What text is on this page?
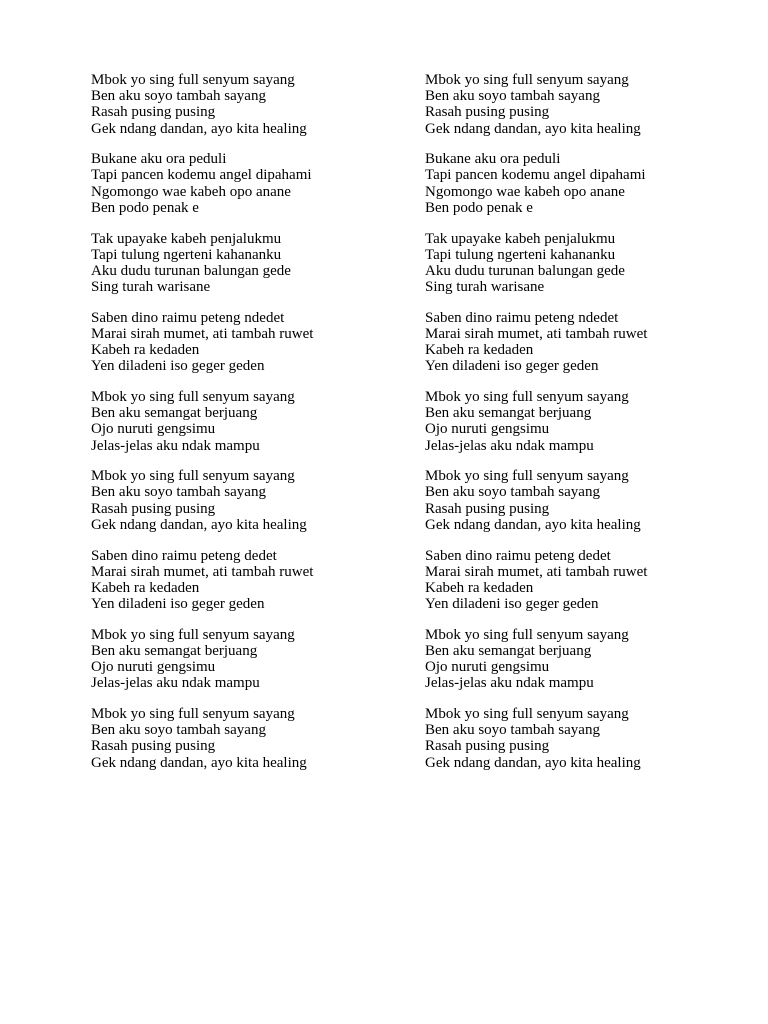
Mbok yo sing full senyum sayang
Ben aku soyo tambah sayang
Rasah pusing pusing
Gek ndang dandan, ayo kita healing
Bukane aku ora peduli
Tapi pancen kodemu angel dipahami
Ngomongo wae kabeh opo anane
Ben podo penak e
Tak upayake kabeh penjalukmu
Tapi tulung ngerteni kahananku
Aku dudu turunan balungan gede
Sing turah warisane
Saben dino raimu peteng ndedet
Marai sirah mumet, ati tambah ruwet
Kabeh ra kedaden
Yen diladeni iso geger geden
Mbok yo sing full senyum sayang
Ben aku semangat berjuang
Ojo nuruti gengsimu
Jelas-jelas aku ndak mampu
Mbok yo sing full senyum sayang
Ben aku soyo tambah sayang
Rasah pusing pusing
Gek ndang dandan, ayo kita healing
Saben dino raimu peteng dedet
Marai sirah mumet, ati tambah ruwet
Kabeh ra kedaden
Yen diladeni iso geger geden
Mbok yo sing full senyum sayang
Ben aku semangat berjuang
Ojo nuruti gengsimu
Jelas-jelas aku ndak mampu
Mbok yo sing full senyum sayang
Ben aku soyo tambah sayang
Rasah pusing pusing
Gek ndang dandan, ayo kita healing
Mbok yo sing full senyum sayang
Ben aku soyo tambah sayang
Rasah pusing pusing
Gek ndang dandan, ayo kita healing
Bukane aku ora peduli
Tapi pancen kodemu angel dipahami
Ngomongo wae kabeh opo anane
Ben podo penak e
Tak upayake kabeh penjalukmu
Tapi tulung ngerteni kahananku
Aku dudu turunan balungan gede
Sing turah warisane
Saben dino raimu peteng ndedet
Marai sirah mumet, ati tambah ruwet
Kabeh ra kedaden
Yen diladeni iso geger geden
Mbok yo sing full senyum sayang
Ben aku semangat berjuang
Ojo nuruti gengsimu
Jelas-jelas aku ndak mampu
Mbok yo sing full senyum sayang
Ben aku soyo tambah sayang
Rasah pusing pusing
Gek ndang dandan, ayo kita healing
Saben dino raimu peteng dedet
Marai sirah mumet, ati tambah ruwet
Kabeh ra kedaden
Yen diladeni iso geger geden
Mbok yo sing full senyum sayang
Ben aku semangat berjuang
Ojo nuruti gengsimu
Jelas-jelas aku ndak mampu
Mbok yo sing full senyum sayang
Ben aku soyo tambah sayang
Rasah pusing pusing
Gek ndang dandan, ayo kita healing
